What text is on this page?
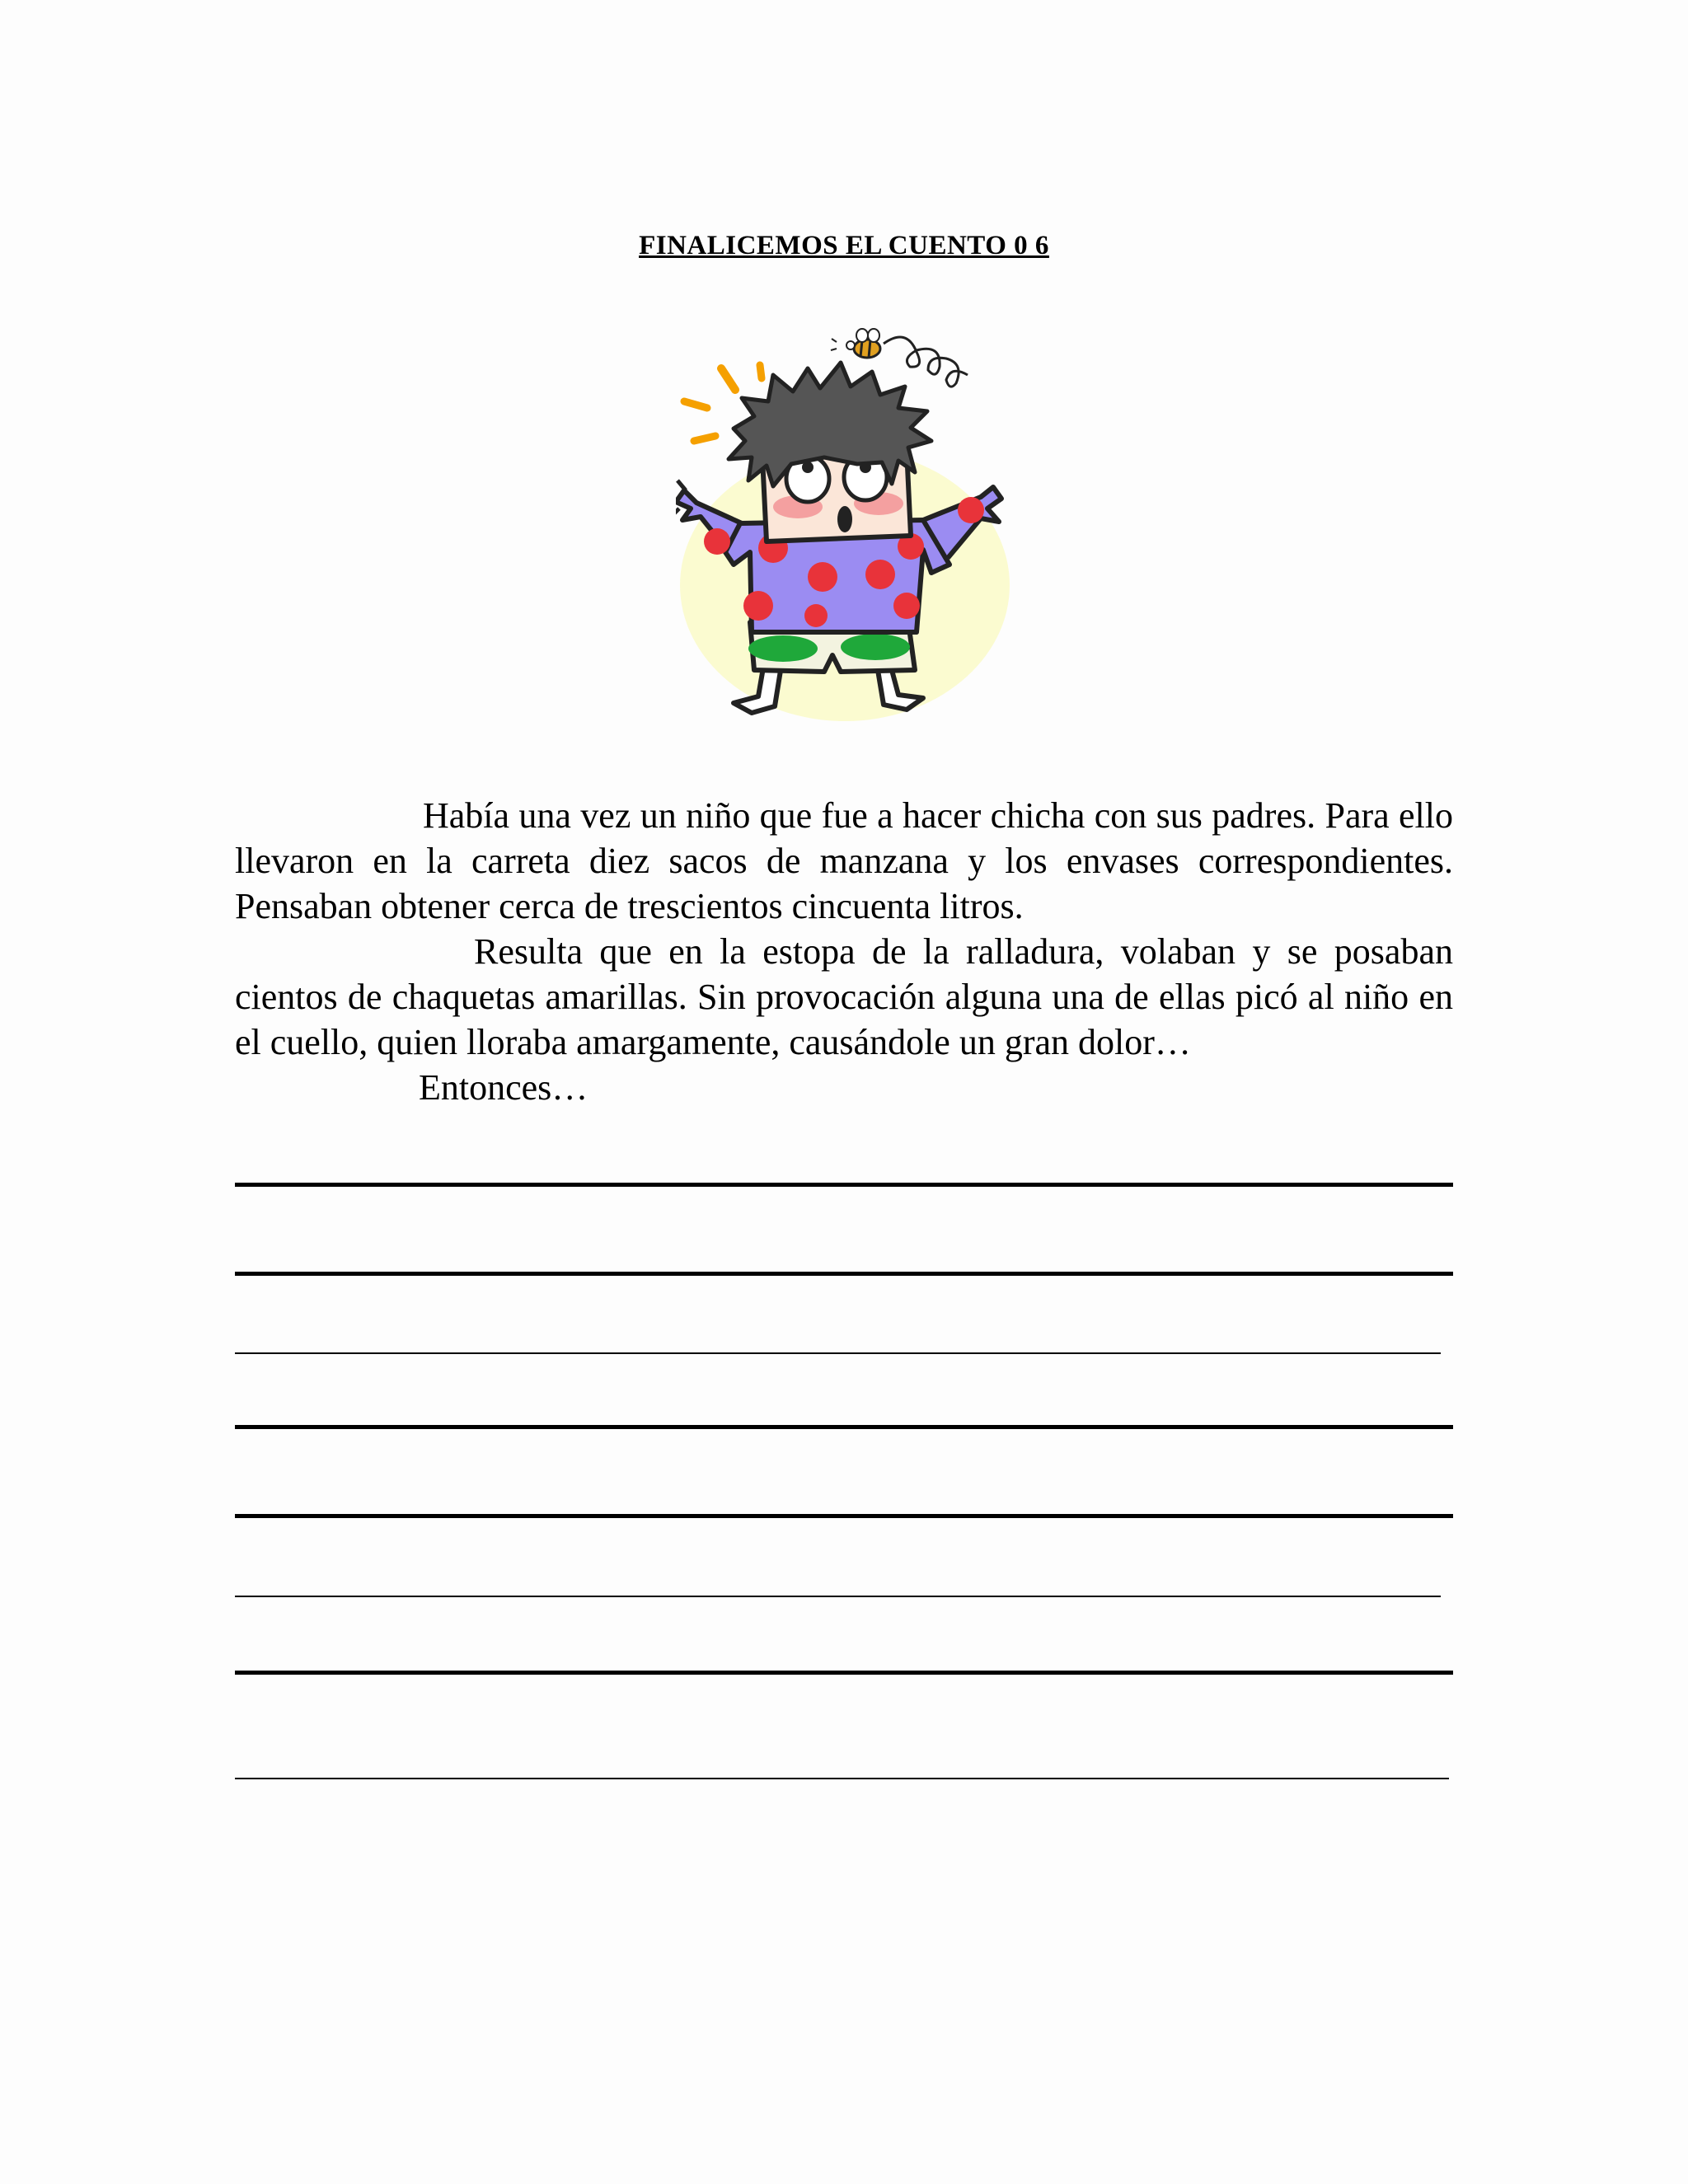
FINALICEMOS EL CUENTO 0 6

Había una vez un niño que fue a hacer chicha con sus padres. Para ello llevaron en la carreta diez sacos de manzana y los envases correspondientes. Pensaban obtener cerca de trescientos cincuenta litros.

Resulta que en la estopa de la ralladura, volaban y se posaban cientos de chaquetas amarillas. Sin provocación alguna una de ellas picó al niño en el cuello, quien lloraba amargamente, causándole un gran dolor…

Entonces…
